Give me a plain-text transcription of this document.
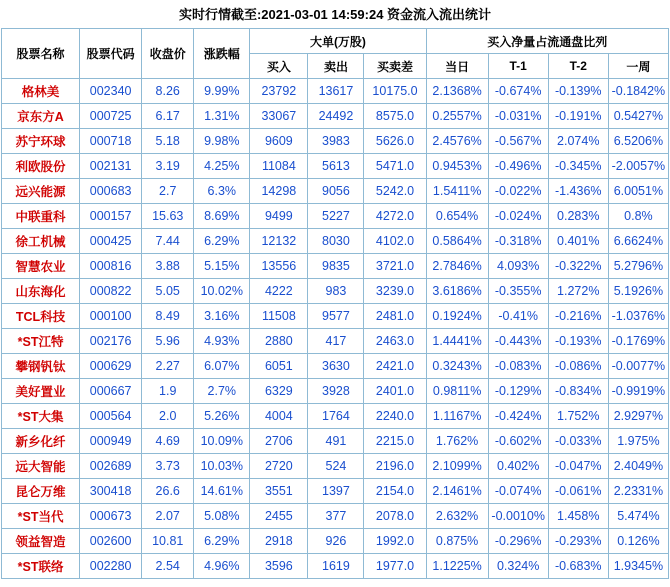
实时行情截至:2021-03-01 14:59:24 资金流入流出统计
股票名称	股票代码	收盘价	涨跌幅	大单(万股)			买入净量占流通盘比列			
				买入	卖出	买卖差	当日	T-1	T-2	一周
格林美	002340	8.26	9.99%	23792	13617	10175.0	2.1368%	-0.674%	-0.139%	-0.1842%
京东方A	000725	6.17	1.31%	33067	24492	8575.0	0.2557%	-0.031%	-0.191%	0.5427%
苏宁环球	000718	5.18	9.98%	9609	3983	5626.0	2.4576%	-0.567%	2.074%	6.5206%
利欧股份	002131	3.19	4.25%	11084	5613	5471.0	0.9453%	-0.496%	-0.345%	-2.0057%
远兴能源	000683	2.7	6.3%	14298	9056	5242.0	1.5411%	-0.022%	-1.436%	6.0051%
中联重科	000157	15.63	8.69%	9499	5227	4272.0	0.654%	-0.024%	0.283%	0.8%
徐工机械	000425	7.44	6.29%	12132	8030	4102.0	0.5864%	-0.318%	0.401%	6.6624%
智慧农业	000816	3.88	5.15%	13556	9835	3721.0	2.7846%	4.093%	-0.322%	5.2796%
山东海化	000822	5.05	10.02%	4222	983	3239.0	3.6186%	-0.355%	1.272%	5.1926%
TCL科技	000100	8.49	3.16%	11508	9577	2481.0	0.1924%	-0.41%	-0.216%	-1.0376%
*ST江特	002176	5.96	4.93%	2880	417	2463.0	1.4441%	-0.443%	-0.193%	-0.1769%
攀钢钒钛	000629	2.27	6.07%	6051	3630	2421.0	0.3243%	-0.083%	-0.086%	-0.0077%
美好置业	000667	1.9	2.7%	6329	3928	2401.0	0.9811%	-0.129%	-0.834%	-0.9919%
*ST大集	000564	2.0	5.26%	4004	1764	2240.0	1.1167%	-0.424%	1.752%	2.9297%
新乡化纤	000949	4.69	10.09%	2706	491	2215.0	1.762%	-0.602%	-0.033%	1.975%
远大智能	002689	3.73	10.03%	2720	524	2196.0	2.1099%	0.402%	-0.047%	2.4049%
昆仑万维	300418	26.6	14.61%	3551	1397	2154.0	2.1461%	-0.074%	-0.061%	2.2331%
*ST当代	000673	2.07	5.08%	2455	377	2078.0	2.632%	-0.0010%	1.458%	5.474%
领益智造	002600	10.81	6.29%	2918	926	1992.0	0.875%	-0.296%	-0.293%	0.126%
*ST联络	002280	2.54	4.96%	3596	1619	1977.0	1.1225%	0.324%	-0.683%	1.9345%
